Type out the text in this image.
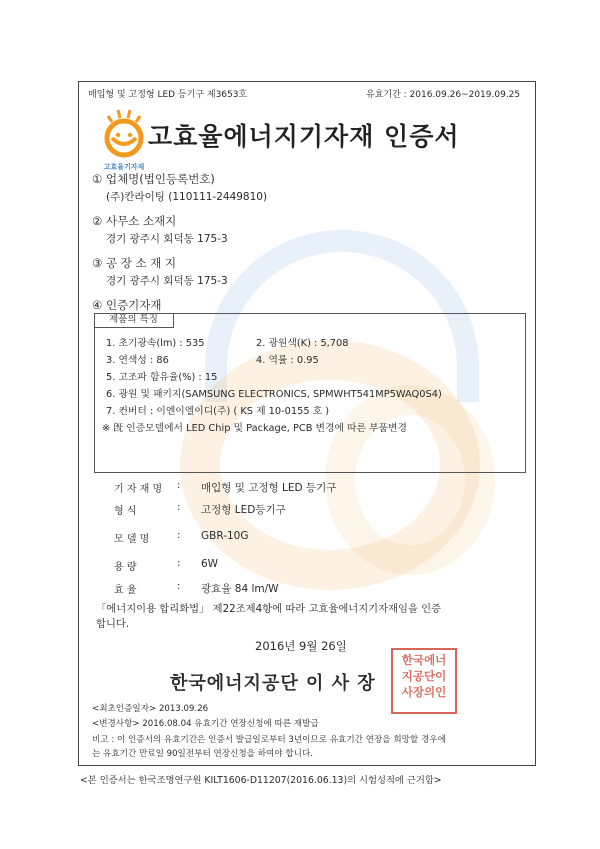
매입형 및 고정형 LED 등기구 제3653호	유효기간 : 2016.09.26~2019.09.25
고효율기자재
고효율에너지기자재 인증서
① 업체명(법인등록번호)
(주)칸라이팅 (110111-2449810)
② 사무소 소재지
경기 광주시 회덕동 175-3
③ 공 장 소 재 지
경기 광주시 회덕동 175-3
④ 인증기자재
제품의 특징
1. 초기광속(lm) : 535	2. 광원색(K) : 5,708
3. 연색성 : 86	4. 역률 : 0.95
5. 고조파 함유율(%) : 15
6. 광원 및 패키지(SAMSUNG ELECTRONICS, SPMWHT541MP5WAQ0S4)
7. 컨버터 : 이엔이엘이디(주) ( KS 제 10-0155 호 )
※ 旣 인증모델에서 LED Chip 및 Package, PCB 변경에 따른 부품변경
기 자 재 명	: 매입형 및 고정형 LED 등기구
형 식	: 고정형 LED등기구
모 델 명	: GBR-10G
용 량	: 6W
효 율	: 광효율 84 lm/W
「에너지이용 합리화법」 제22조제4항에 따라 고효율에너지기자재임을 인증
합니다.
2016년 9월 26일
한국에너지공단 이 사 장
한국에너
지공단이
사장의인
<최초인증일자> 2013.09.26
<변경사항> 2016.08.04 유효기간 연장신청에 따른 재발급
비고 : 이 인증서의 유효기간은 인증서 발급일로부터 3년이므로 유효기간 연장을 희망할 경우에
는 유효기간 만료일 90일전부터 연장신청을 하여야 합니다.
<본 인증서는 한국조명연구원 KILT1606-D11207(2016.06.13)의 시험성적에 근거함>
